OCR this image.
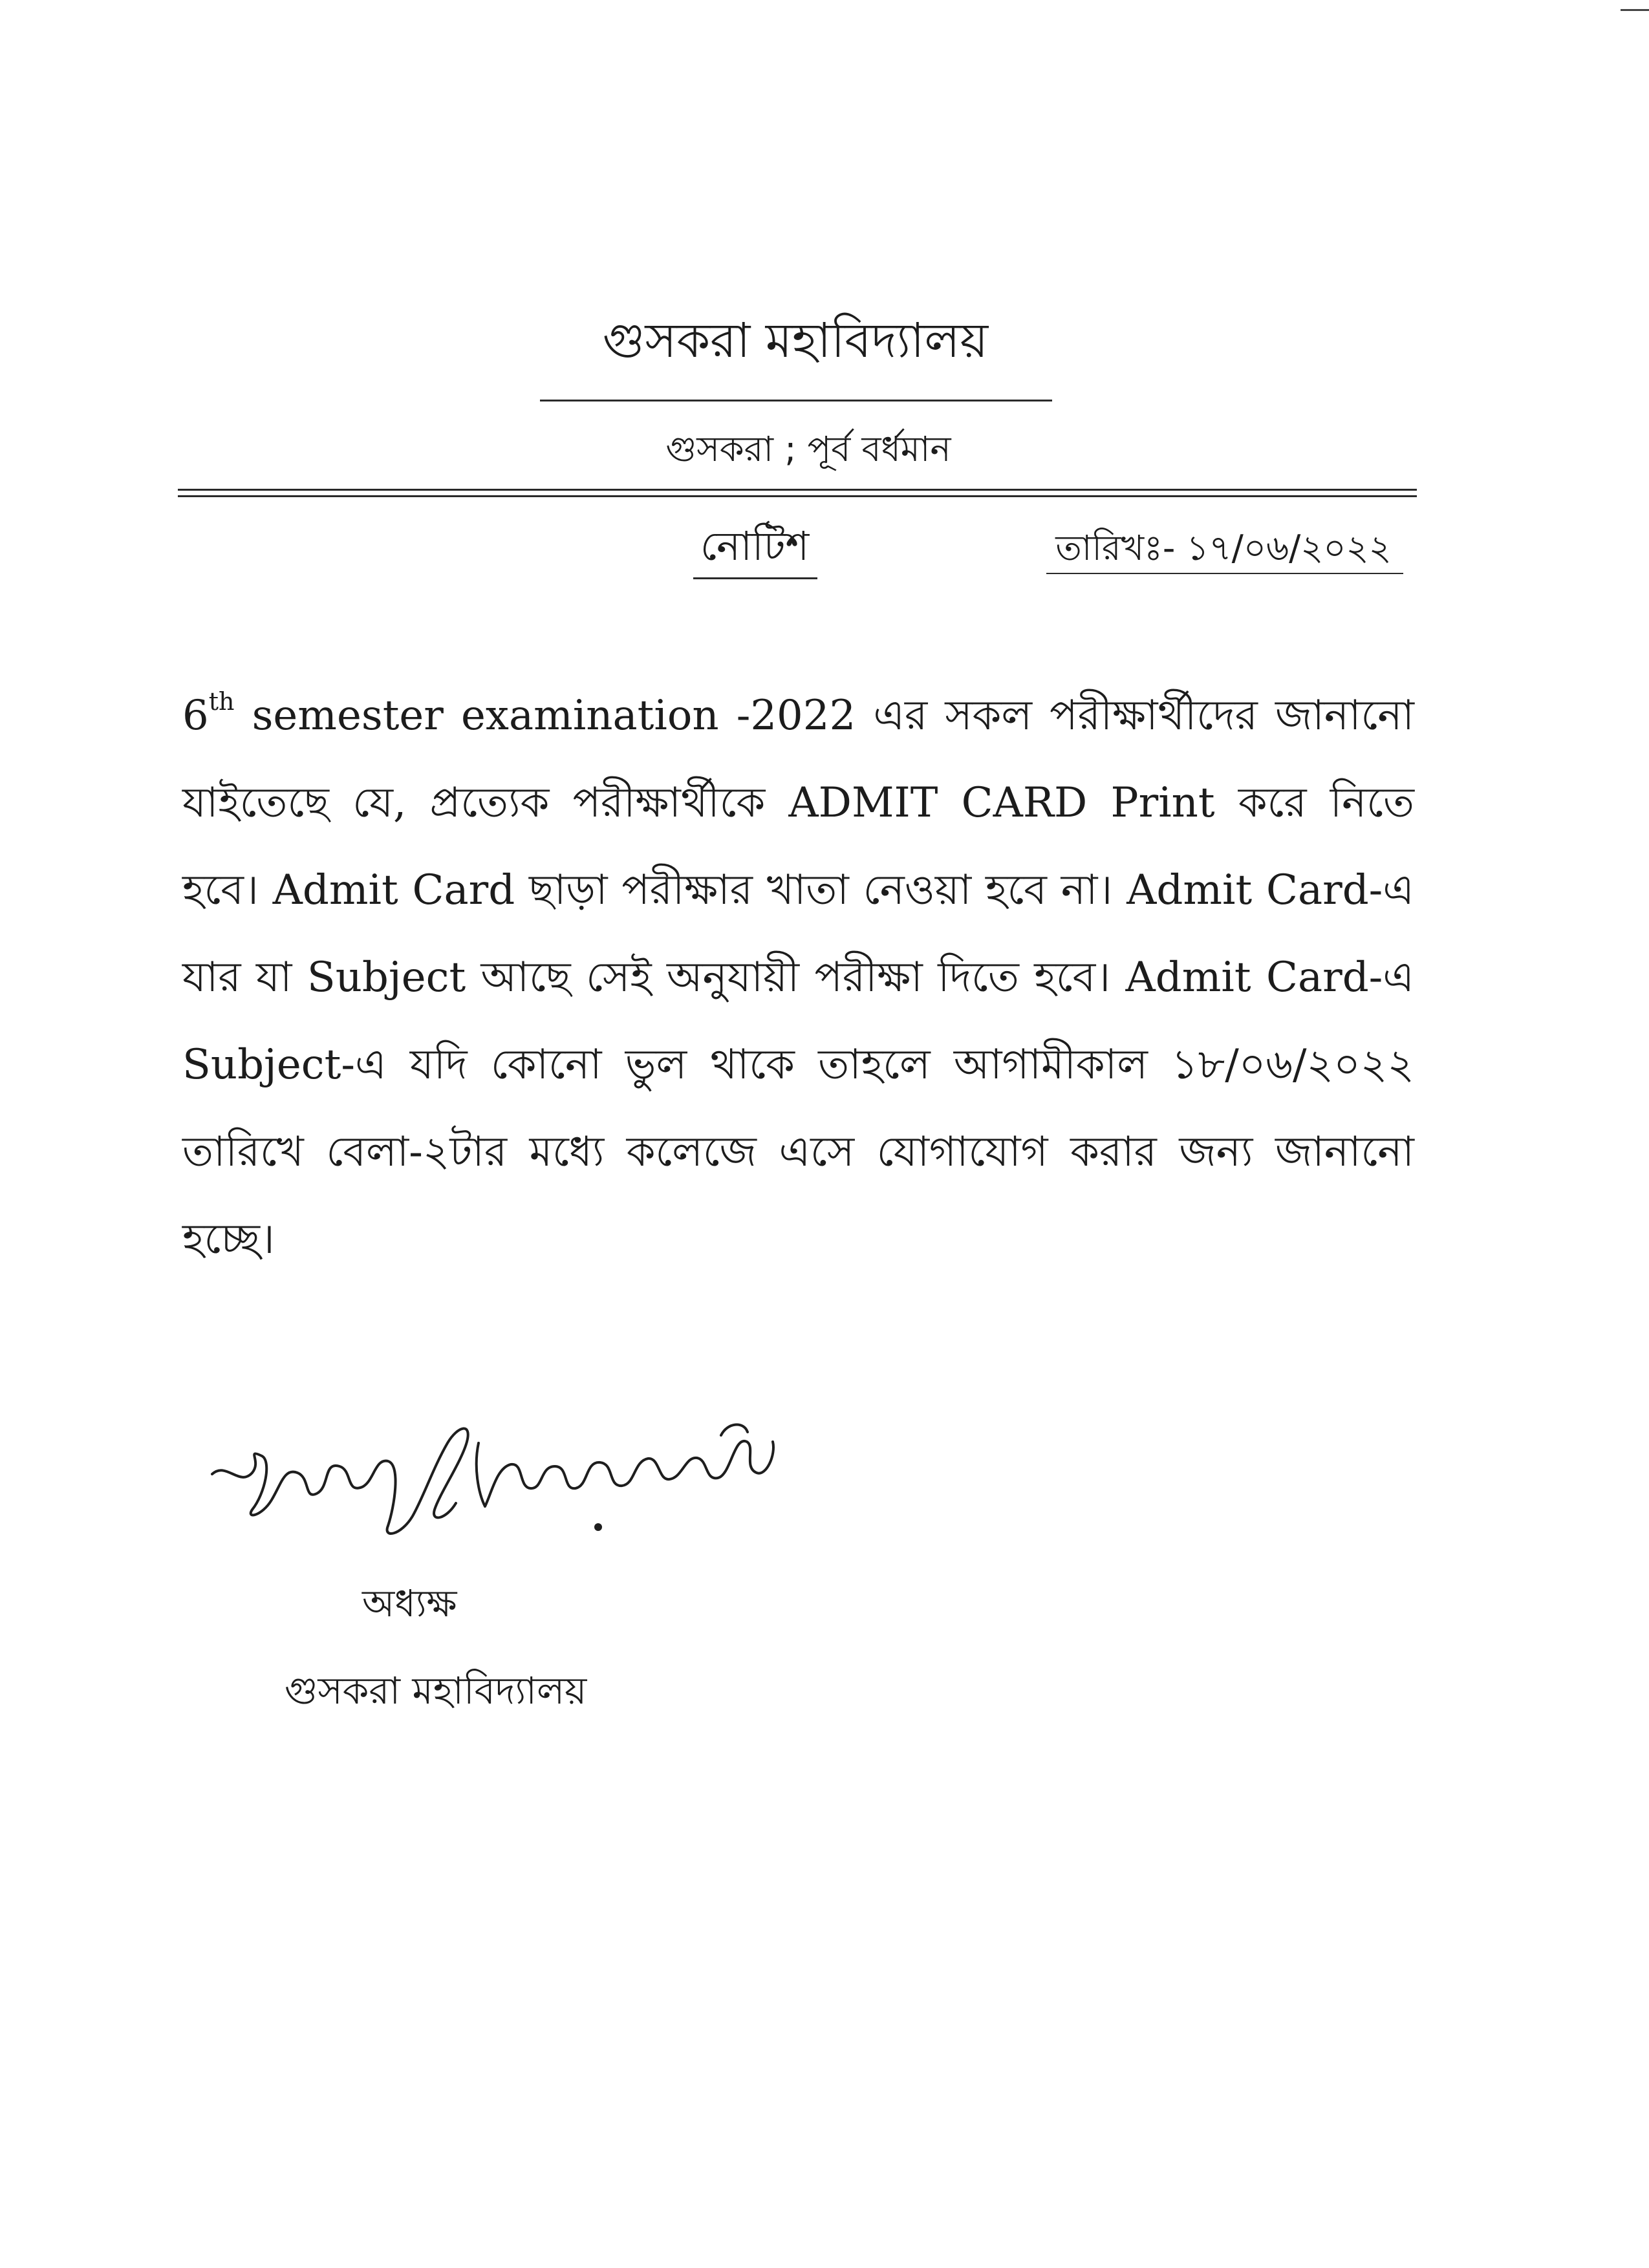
গুসকরা মহাবিদ্যালয়
গুসকরা ; পূর্ব বর্ধমান
নোটিশ	তারিখঃ- ১৭/০৬/২০২২

6th semester examination -2022 এর সকল পরীক্ষার্থীদের জানানো যাইতেছে যে, প্রত্যেক পরীক্ষার্থীকে ADMIT CARD Print করে নিতে হবে। Admit Card ছাড়া পরীক্ষার খাতা নেওয়া হবে না। Admit Card-এ যার যা Subject আছে সেই অনুযায়ী পরীক্ষা দিতে হবে। Admit Card-এ Subject-এ যদি কোনো ভুল থাকে তাহলে আগামীকাল ১৮/০৬/২০২২ তারিখে বেলা-২টার মধ্যে কলেজে এসে যোগাযোগ করার জন্য জানানো হচ্ছে।

অধ্যক্ষ
গুসকরা মহাবিদ্যালয়
